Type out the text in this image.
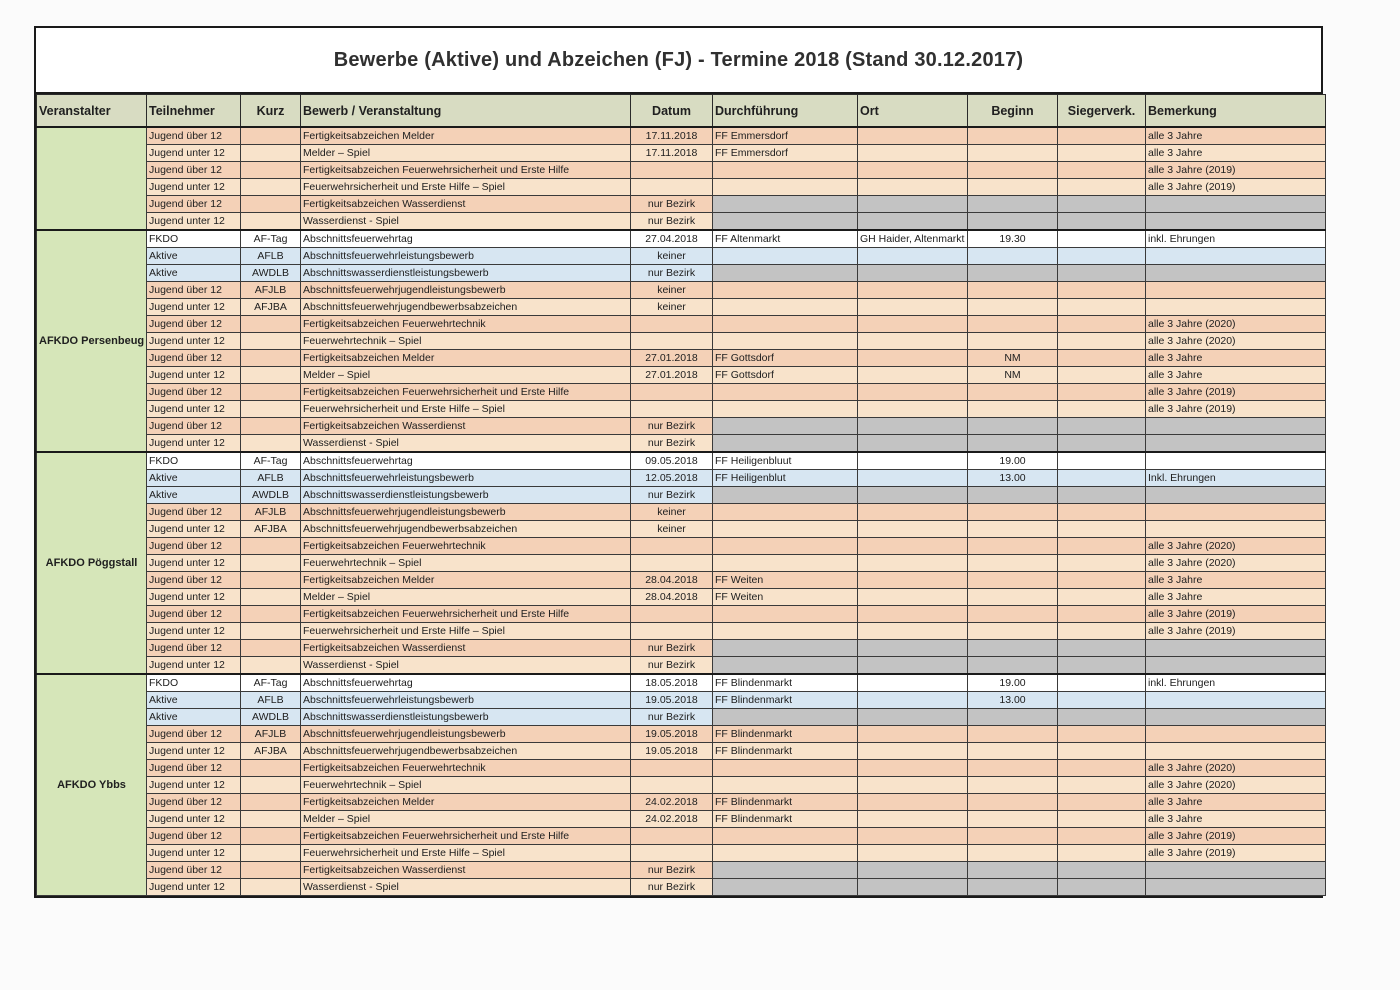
Bewerbe (Aktive) und Abzeichen (FJ) - Termine 2018 (Stand 30.12.2017)
Veranstalter	Teilnehmer	Kurz	Bewerb / Veranstaltung	Datum	Durchführung	Ort	Beginn	Siegerverk.	Bemerkung
	Jugend über 12		Fertigkeitsabzeichen Melder	17.11.2018	FF Emmersdorf				alle 3 Jahre
	Jugend unter 12		Melder – Spiel	17.11.2018	FF Emmersdorf				alle 3 Jahre
	Jugend über 12		Fertigkeitsabzeichen Feuerwehrsicherheit und Erste Hilfe						alle 3 Jahre (2019)
	Jugend unter 12		Feuerwehrsicherheit und Erste Hilfe – Spiel						alle 3 Jahre (2019)
	Jugend über 12		Fertigkeitsabzeichen Wasserdienst	nur Bezirk					
	Jugend unter 12		Wasserdienst - Spiel	nur Bezirk					
AFKDO Persenbeug	FKDO	AF-Tag	Abschnittsfeuerwehrtag	27.04.2018	FF Altenmarkt	GH Haider, Altenmarkt	19.30		inkl. Ehrungen
	Aktive	AFLB	Abschnittsfeuerwehrleistungsbewerb	keiner					
	Aktive	AWDLB	Abschnittswasserdienstleistungsbewerb	nur Bezirk					
	Jugend über 12	AFJLB	Abschnittsfeuerwehrjugendleistungsbewerb	keiner					
	Jugend unter 12	AFJBA	Abschnittsfeuerwehrjugendbewerbsabzeichen	keiner					
	Jugend über 12		Fertigkeitsabzeichen Feuerwehrtechnik						alle 3 Jahre (2020)
	Jugend unter 12		Feuerwehrtechnik – Spiel						alle 3 Jahre (2020)
	Jugend über 12		Fertigkeitsabzeichen Melder	27.01.2018	FF Gottsdorf		NM		alle 3 Jahre
	Jugend unter 12		Melder – Spiel	27.01.2018	FF Gottsdorf		NM		alle 3 Jahre
	Jugend über 12		Fertigkeitsabzeichen Feuerwehrsicherheit und Erste Hilfe						alle 3 Jahre (2019)
	Jugend unter 12		Feuerwehrsicherheit und Erste Hilfe – Spiel						alle 3 Jahre (2019)
	Jugend über 12		Fertigkeitsabzeichen Wasserdienst	nur Bezirk					
	Jugend unter 12		Wasserdienst - Spiel	nur Bezirk					
AFKDO Pöggstall	FKDO	AF-Tag	Abschnittsfeuerwehrtag	09.05.2018	FF Heiligenbluut		19.00		
	Aktive	AFLB	Abschnittsfeuerwehrleistungsbewerb	12.05.2018	FF Heiligenblut		13.00		Inkl. Ehrungen
	Aktive	AWDLB	Abschnittswasserdienstleistungsbewerb	nur Bezirk					
	Jugend über 12	AFJLB	Abschnittsfeuerwehrjugendleistungsbewerb	keiner					
	Jugend unter 12	AFJBA	Abschnittsfeuerwehrjugendbewerbsabzeichen	keiner					
	Jugend über 12		Fertigkeitsabzeichen Feuerwehrtechnik						alle 3 Jahre (2020)
	Jugend unter 12		Feuerwehrtechnik – Spiel						alle 3 Jahre (2020)
	Jugend über 12		Fertigkeitsabzeichen Melder	28.04.2018	FF Weiten				alle 3 Jahre
	Jugend unter 12		Melder – Spiel	28.04.2018	FF Weiten				alle 3 Jahre
	Jugend über 12		Fertigkeitsabzeichen Feuerwehrsicherheit und Erste Hilfe						alle 3 Jahre (2019)
	Jugend unter 12		Feuerwehrsicherheit und Erste Hilfe – Spiel						alle 3 Jahre (2019)
	Jugend über 12		Fertigkeitsabzeichen Wasserdienst	nur Bezirk					
	Jugend unter 12		Wasserdienst - Spiel	nur Bezirk					
AFKDO Ybbs	FKDO	AF-Tag	Abschnittsfeuerwehrtag	18.05.2018	FF Blindenmarkt		19.00		inkl. Ehrungen
	Aktive	AFLB	Abschnittsfeuerwehrleistungsbewerb	19.05.2018	FF Blindenmarkt		13.00		
	Aktive	AWDLB	Abschnittswasserdienstleistungsbewerb	nur Bezirk					
	Jugend über 12	AFJLB	Abschnittsfeuerwehrjugendleistungsbewerb	19.05.2018	FF Blindenmarkt				
	Jugend unter 12	AFJBA	Abschnittsfeuerwehrjugendbewerbsabzeichen	19.05.2018	FF Blindenmarkt				
	Jugend über 12		Fertigkeitsabzeichen Feuerwehrtechnik						alle 3 Jahre (2020)
	Jugend unter 12		Feuerwehrtechnik – Spiel						alle 3 Jahre (2020)
	Jugend über 12		Fertigkeitsabzeichen Melder	24.02.2018	FF Blindenmarkt				alle 3 Jahre
	Jugend unter 12		Melder – Spiel	24.02.2018	FF Blindenmarkt				alle 3 Jahre
	Jugend über 12		Fertigkeitsabzeichen Feuerwehrsicherheit und Erste Hilfe						alle 3 Jahre (2019)
	Jugend unter 12		Feuerwehrsicherheit und Erste Hilfe – Spiel						alle 3 Jahre (2019)
	Jugend über 12		Fertigkeitsabzeichen Wasserdienst	nur Bezirk					
	Jugend unter 12		Wasserdienst - Spiel	nur Bezirk					
